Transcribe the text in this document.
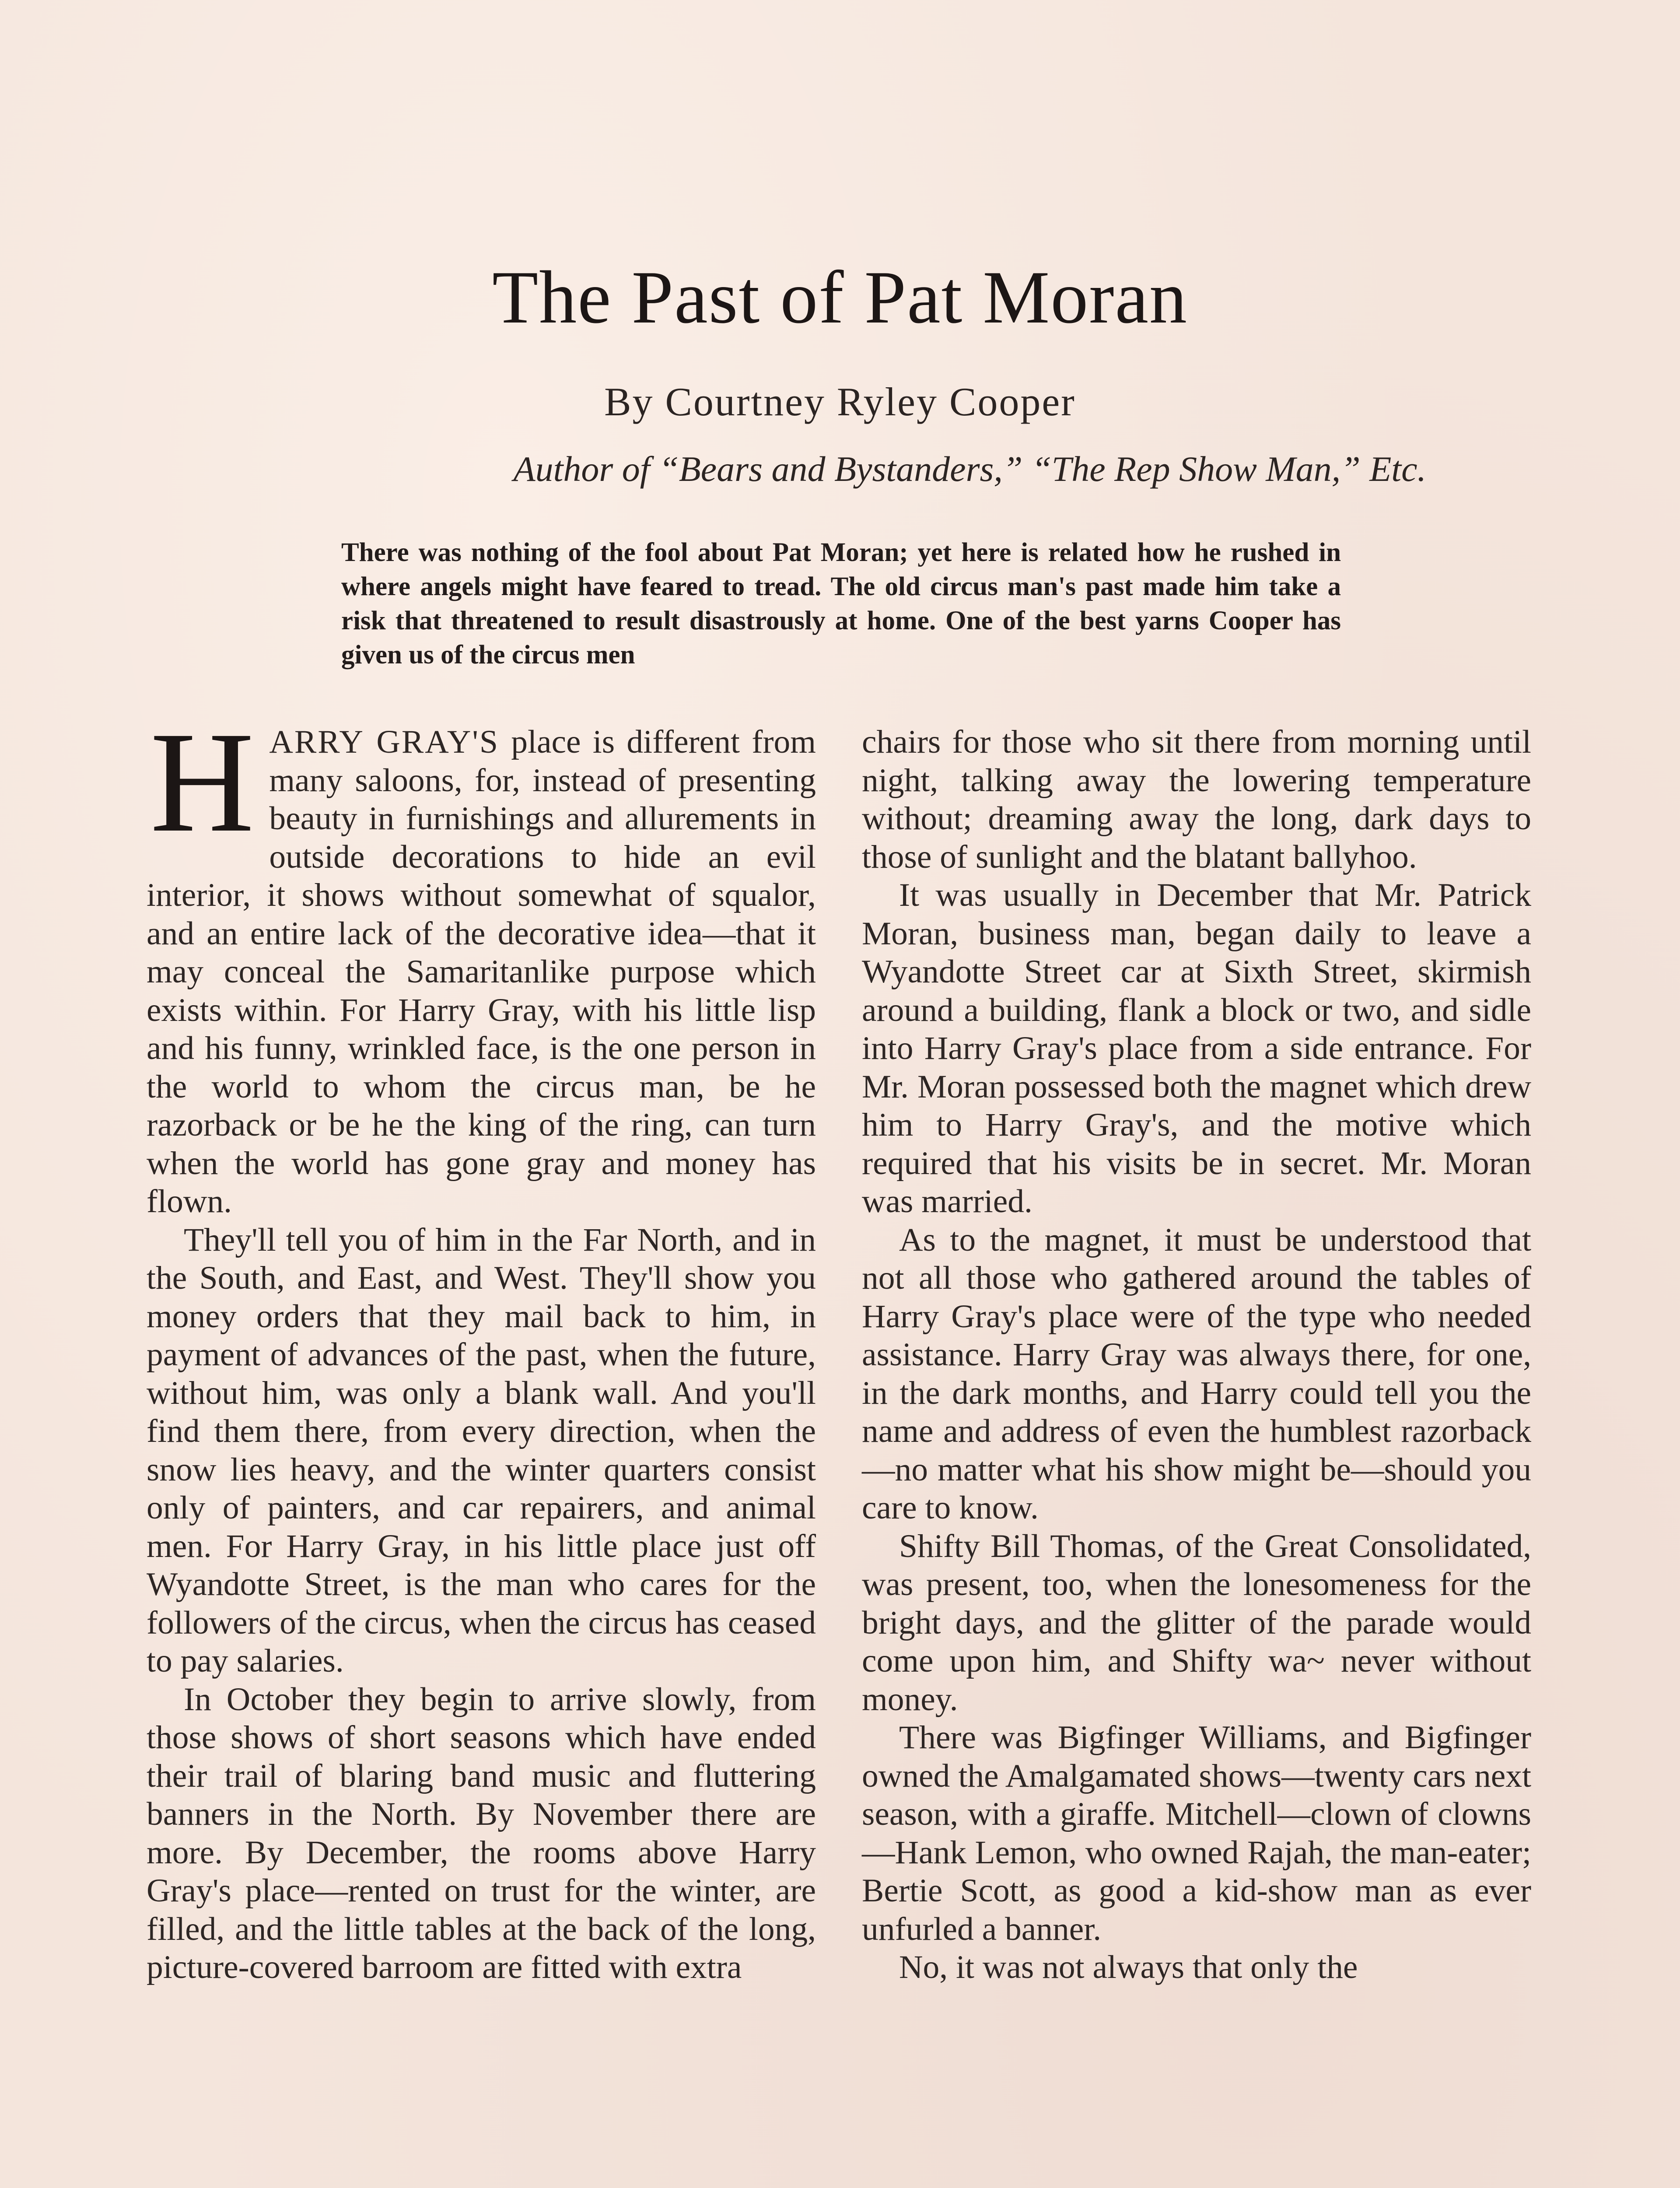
The Past of Pat Moran
By Courtney Ryley Cooper
Author of “Bears and Bystanders,” “The Rep Show Man,” Etc.
There was nothing of the fool about Pat Moran; yet here is related how he rushed in where angels might have feared to tread. The old circus man's past made him take a risk that threatened to result disastrously at home. One of the best yarns Cooper has given us of the circus men

HARRY GRAY'S place is different from many saloons, for, instead of presenting beauty in furnishings and allurements in outside decorations to hide an evil interior, it shows without somewhat of squalor, and an entire lack of the decorative idea—that it may conceal the Samaritanlike purpose which exists within. For Harry Gray, with his little lisp and his funny, wrinkled face, is the one person in the world to whom the circus man, be he razorback or be he the king of the ring, can turn when the world has gone gray and money has flown.

They'll tell you of him in the Far North, and in the South, and East, and West. They'll show you money orders that they mail back to him, in payment of advances of the past, when the future, without him, was only a blank wall. And you'll find them there, from every direction, when the snow lies heavy, and the winter quarters consist only of painters, and car repairers, and animal men. For Harry Gray, in his little place just off Wyandotte Street, is the man who cares for the followers of the circus, when the circus has ceased to pay salaries.

In October they begin to arrive slowly, from those shows of short seasons which have ended their trail of blaring band music and fluttering banners in the North. By November there are more. By December, the rooms above Harry Gray's place—rented on trust for the winter, are filled, and the little tables at the back of the long, picture-covered barroom are fitted with extra

chairs for those who sit there from morning until night, talking away the lowering temperature without; dreaming away the long, dark days to those of sunlight and the blatant ballyhoo.

It was usually in December that Mr. Patrick Moran, business man, began daily to leave a Wyandotte Street car at Sixth Street, skirmish around a building, flank a block or two, and sidle into Harry Gray's place from a side entrance. For Mr. Moran possessed both the magnet which drew him to Harry Gray's, and the motive which required that his visits be in secret. Mr. Moran was married.

As to the magnet, it must be understood that not all those who gathered around the tables of Harry Gray's place were of the type who needed assistance. Harry Gray was always there, for one, in the dark months, and Harry could tell you the name and address of even the humblest razorback—no matter what his show might be—should you care to know.

Shifty Bill Thomas, of the Great Consolidated, was present, too, when the lonesomeness for the bright days, and the glitter of the parade would come upon him, and Shifty wa~ never without money.

There was Bigfinger Williams, and Bigfinger owned the Amalgamated shows—twenty cars next season, with a giraffe. Mitchell—clown of clowns—Hank Lemon, who owned Rajah, the man-eater; Bertie Scott, as good a kid-show man as ever unfurled a banner.

No, it was not always that only the
